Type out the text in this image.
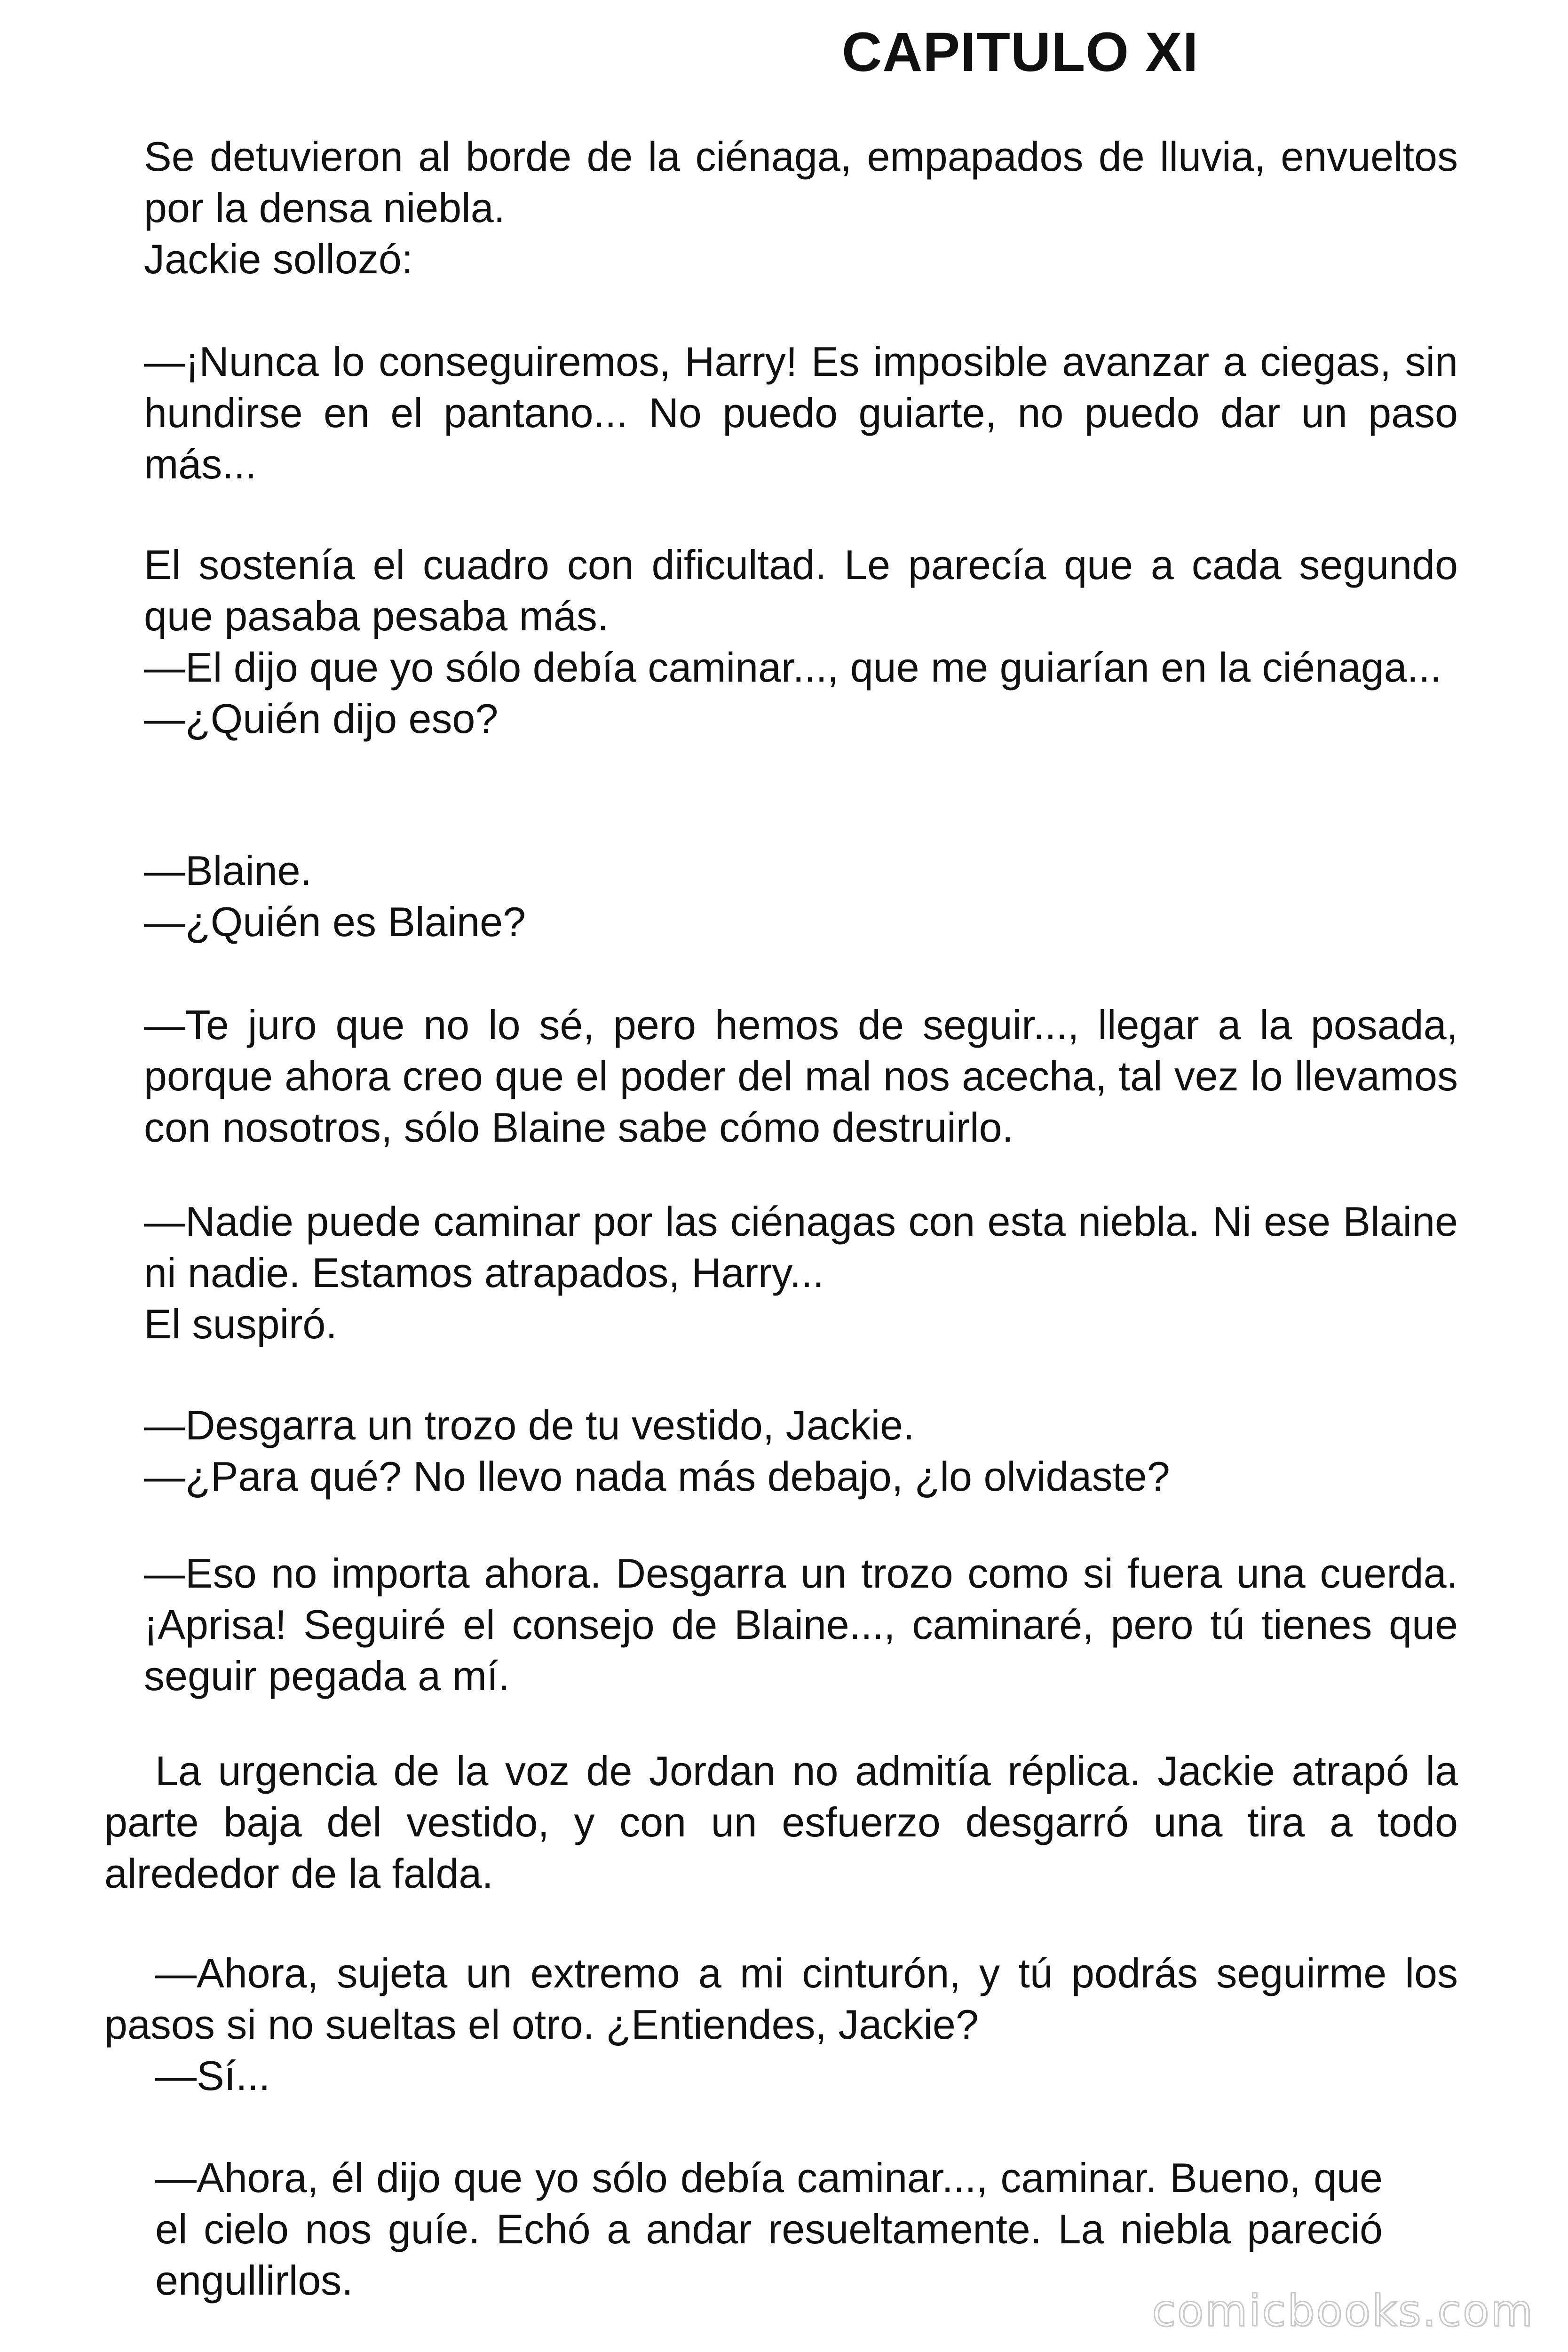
CAPITULO XI

Se detuvieron al borde de la ciénaga, empapados de lluvia, envueltos por la densa niebla.

Jackie sollozó:

—¡Nunca lo conseguiremos, Harry! Es imposible avanzar a ciegas, sin hundirse en el pantano... No puedo guiarte, no puedo dar un paso más...

El sostenía el cuadro con dificultad. Le parecía que a cada segundo que pasaba pesaba más.

—El dijo que yo sólo debía caminar..., que me guiarían en la ciénaga...

—¿Quién dijo eso?

—Blaine.

—¿Quién es Blaine?

—Te juro que no lo sé, pero hemos de seguir..., llegar a la posada, porque ahora creo que el poder del mal nos acecha, tal vez lo llevamos con nosotros, sólo Blaine sabe cómo destruirlo.

—Nadie puede caminar por las ciénagas con esta niebla. Ni ese Blaine ni nadie. Estamos atrapados, Harry...

El suspiró.

—Desgarra un trozo de tu vestido, Jackie.

—¿Para qué? No llevo nada más debajo, ¿lo olvidaste?

—Eso no importa ahora. Desgarra un trozo como si fuera una cuerda. ¡Aprisa! Seguiré el consejo de Blaine..., caminaré, pero tú tienes que seguir pegada a mí.

La urgencia de la voz de Jordan no admitía réplica. Jackie atrapó la parte baja del vestido, y con un esfuerzo desgarró una tira a todo alrededor de la falda.

—Ahora, sujeta un extremo a mi cinturón, y tú podrás seguirme los pasos si no sueltas el otro. ¿Entiendes, Jackie?

—Sí...

—Ahora, él dijo que yo sólo debía caminar..., caminar. Bueno, que el cielo nos guíe. Echó a andar resueltamente. La niebla pareció engullirlos.

comicbooks.com
